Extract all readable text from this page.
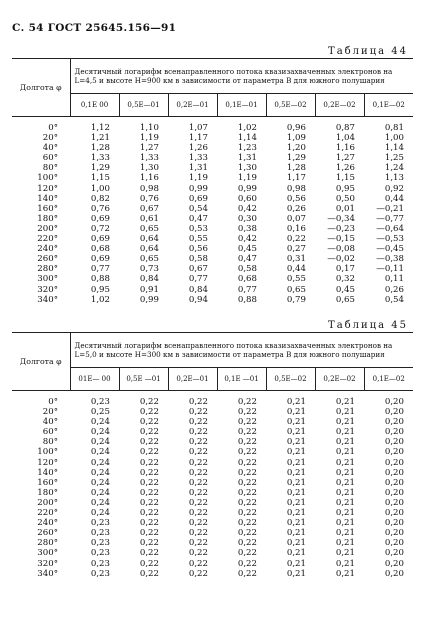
С. 54 ГОСТ 25645.156—91
Таблица 44
Долгота φ	Десятичный логарифм всенаправленного потока квазизахваченных электронов на L=4,5 и высоте H=900 км в зависимости от параметра B для южного полушария						
	0,1E 00	0,5E—01	0,2E—01	0,1E—01	0,5E—02	0,2E—02	0,1E—02
0°	1,12	1,10	1,07	1,02	0,96	0,87	0,81
20°	1,21	1,19	1,17	1,14	1,09	1,04	1,00
40°	1,28	1,27	1,26	1,23	1,20	1,16	1,14
60°	1,33	1,33	1,33	1,31	1,29	1,27	1,25
80°	1,29	1,30	1,31	1,30	1,28	1,26	1,24
100°	1,15	1,16	1,19	1,19	1,17	1,15	1,13
120°	1,00	0,98	0,99	0,99	0,98	0,95	0,92
140°	0,82	0,76	0,69	0,60	0,56	0,50	0,44
160°	0,76	0,67	0,54	0,42	0,26	0,01	—0,21
180°	0,69	0,61	0,47	0,30	0,07	—0,34	—0,77
200°	0,72	0,65	0,53	0,38	0,16	—0,23	—0,64
220°	0,69	0,64	0,55	0,42	0,22	—0,15	—0,53
240°	0,68	0,64	0,56	0,45	0,27	—0,08	—0,45
260°	0,69	0,65	0,58	0,47	0,31	—0,02	—0,38
280°	0,77	0,73	0,67	0,58	0,44	0,17	—0,11
300°	0,88	0,84	0,77	0,68	0,55	0,32	0,11
320°	0,95	0,91	0,84	0,77	0,65	0,45	0,26
340°	1,02	0,99	0,94	0,88	0,79	0,65	0,54
Таблица 45
Долгота φ	Десятичный логарифм всенаправленного потока квазизахваченных электронов на L=5,0 и высоте H=300 км в зависимости от параметра B для южного полушария						
	01E— 00	0,5E —01	0,2E—01	0,1E —01	0,5E—02	0,2E—02	0,1E—02
0°	0,23	0,22	0,22	0,22	0,21	0,21	0,20
20°	0,25	0,22	0,22	0,22	0,21	0,21	0,20
40°	0,24	0,22	0,22	0,22	0,21	0,21	0,20
60°	0,24	0,22	0,22	0,22	0,21	0,21	0,20
80°	0,24	0,22	0,22	0,22	0,21	0,21	0,20
100°	0,24	0,22	0,22	0,22	0,21	0,21	0,20
120°	0,24	0,22	0,22	0,22	0,21	0,21	0,20
140°	0,24	0,22	0,22	0,22	0,21	0,21	0,20
160°	0,24	0,22	0,22	0,22	0,21	0,21	0,20
180°	0,24	0,22	0,22	0,22	0,21	0,21	0,20
200°	0,24	0,22	0,22	0,22	0,21	0,21	0,20
220°	0,24	0,22	0,22	0,22	0,21	0,21	0,20
240°	0,23	0,22	0,22	0,22	0,21	0,21	0,20
260°	0,23	0,22	0,22	0,22	0,21	0,21	0,20
280°	0,23	0,22	0,22	0,22	0,21	0,21	0,20
300°	0,23	0,22	0,22	0,22	0,21	0,21	0,20
320°	0,23	0,22	0,22	0,22	0,21	0,21	0,20
340°	0,23	0,22	0,22	0,22	0,21	0,21	0,20
